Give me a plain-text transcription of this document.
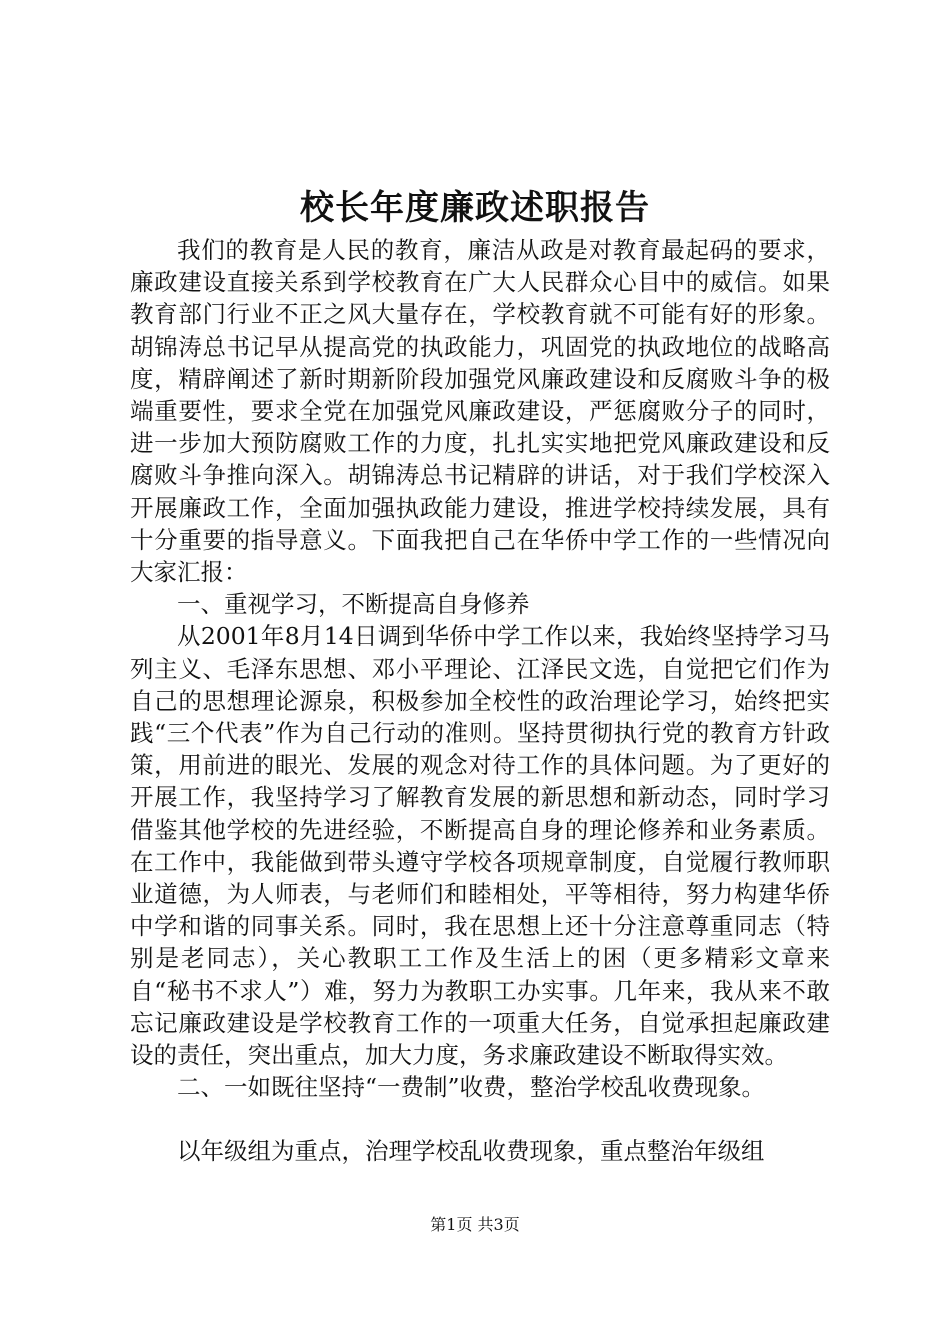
校长年度廉政述职报告

我们的教育是人民的教育，廉洁从政是对教育最起码的要求，廉政建设直接关系到学校教育在广大人民群众心目中的威信。如果教育部门行业不正之风大量存在，学校教育就不可能有好的形象。胡锦涛总书记早从提高党的执政能力，巩固党的执政地位的战略高度，精辟阐述了新时期新阶段加强党风廉政建设和反腐败斗争的极端重要性，要求全党在加强党风廉政建设，严惩腐败分子的同时，进一步加大预防腐败工作的力度，扎扎实实地把党风廉政建设和反腐败斗争推向深入。胡锦涛总书记精辟的讲话，对于我们学校深入开展廉政工作，全面加强执政能力建设，推进学校持续发展，具有十分重要的指导意义。下面我把自己在华侨中学工作的一些情况向大家汇报：

一、重视学习，不断提高自身修养

从2001年8月14日调到华侨中学工作以来，我始终坚持学习马列主义、毛泽东思想、邓小平理论、江泽民文选，自觉把它们作为自己的思想理论源泉，积极参加全校性的政治理论学习，始终把实践“三个代表”作为自己行动的准则。坚持贯彻执行党的教育方针政策，用前进的眼光、发展的观念对待工作的具体问题。为了更好的开展工作，我坚持学习了解教育发展的新思想和新动态，同时学习借鉴其他学校的先进经验，不断提高自身的理论修养和业务素质。在工作中，我能做到带头遵守学校各项规章制度，自觉履行教师职业道德，为人师表，与老师们和睦相处，平等相待，努力构建华侨中学和谐的同事关系。同时，我在思想上还十分注意尊重同志（特别是老同志），关心教职工工作及生活上的困（更多精彩文章来自“秘书不求人”）难，努力为教职工办实事。几年来，我从来不敢忘记廉政建设是学校教育工作的一项重大任务，自觉承担起廉政建设的责任，突出重点，加大力度，务求廉政建设不断取得实效。

二、一如既往坚持“一费制”收费，整治学校乱收费现象。

以年级组为重点，治理学校乱收费现象，重点整治年级组

第1页 共3页
